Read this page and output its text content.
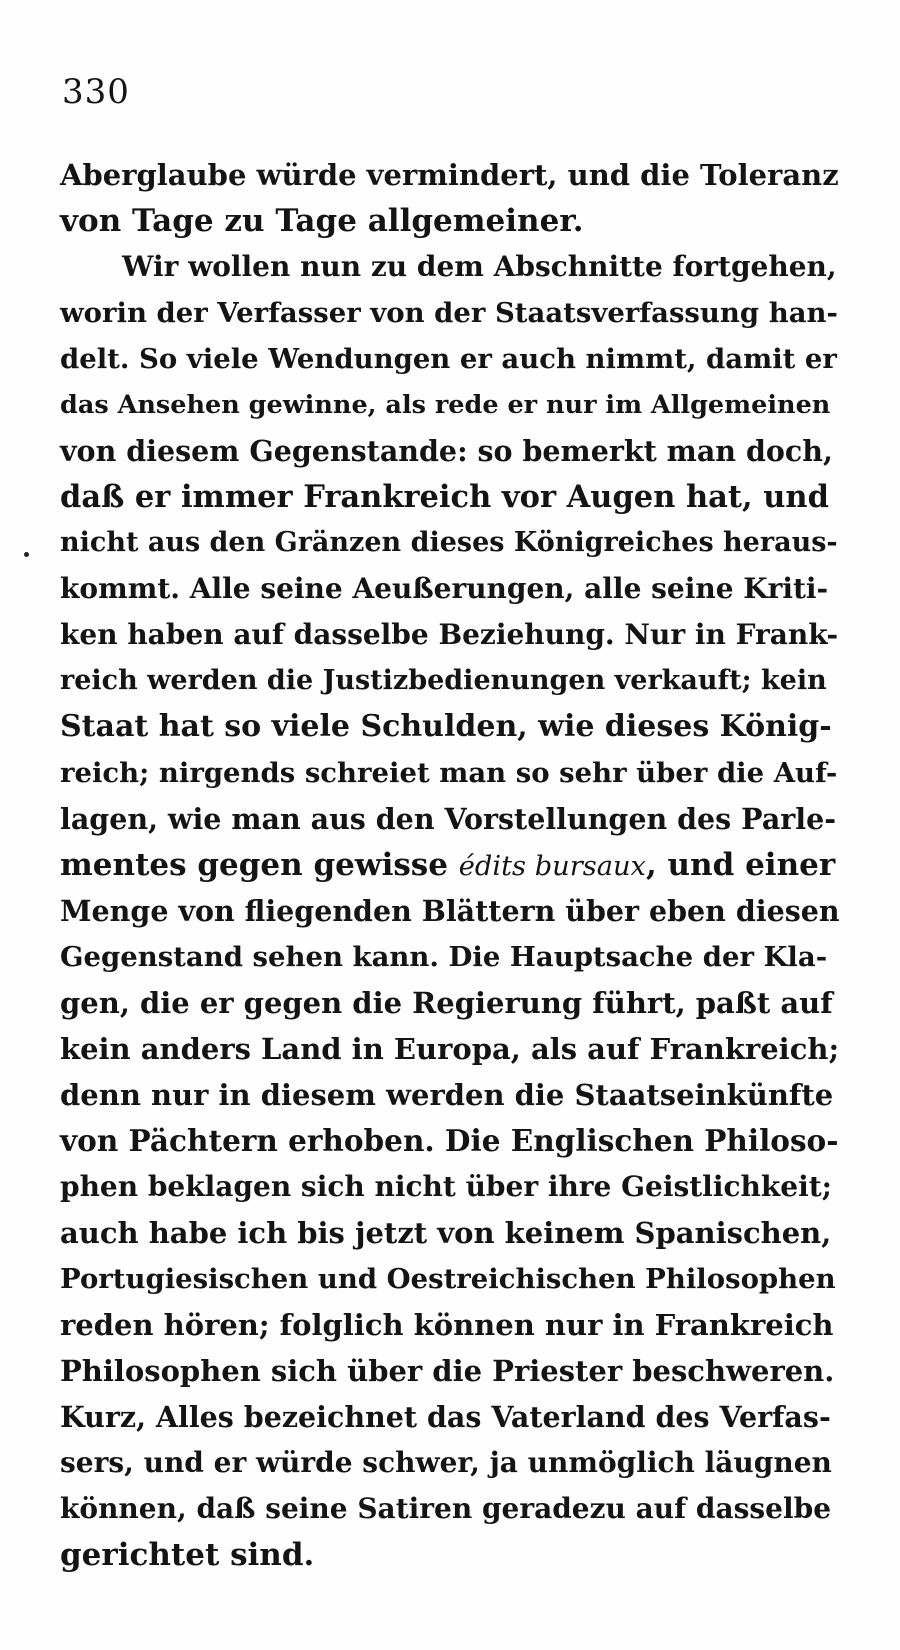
330
Aberglaube würde vermindert, und die Toleranz
von Tage zu Tage allgemeiner.
Wir wollen nun zu dem Abschnitte fortgehen,
worin der Verfasser von der Staatsverfassung han-
delt. So viele Wendungen er auch nimmt, damit er
das Ansehen gewinne, als rede er nur im Allgemeinen
von diesem Gegenstande: so bemerkt man doch,
daß er immer Frankreich vor Augen hat, und
nicht aus den Gränzen dieses Königreiches heraus-
kommt. Alle seine Aeußerungen, alle seine Kriti-
ken haben auf dasselbe Beziehung. Nur in Frank-
reich werden die Justizbedienungen verkauft; kein
Staat hat so viele Schulden, wie dieses König-
reich; nirgends schreiet man so sehr über die Auf-
lagen, wie man aus den Vorstellungen des Parle-
mentes gegen gewisse édits bursaux, und einer
Menge von fliegenden Blättern über eben diesen
Gegenstand sehen kann. Die Hauptsache der Kla-
gen, die er gegen die Regierung führt, paßt auf
kein anders Land in Europa, als auf Frankreich;
denn nur in diesem werden die Staatseinkünfte
von Pächtern erhoben. Die Englischen Philoso-
phen beklagen sich nicht über ihre Geistlichkeit;
auch habe ich bis jetzt von keinem Spanischen,
Portugiesischen und Oestreichischen Philosophen
reden hören; folglich können nur in Frankreich
Philosophen sich über die Priester beschweren.
Kurz, Alles bezeichnet das Vaterland des Verfas-
sers, und er würde schwer, ja unmöglich läugnen
können, daß seine Satiren geradezu auf dasselbe
gerichtet sind.
